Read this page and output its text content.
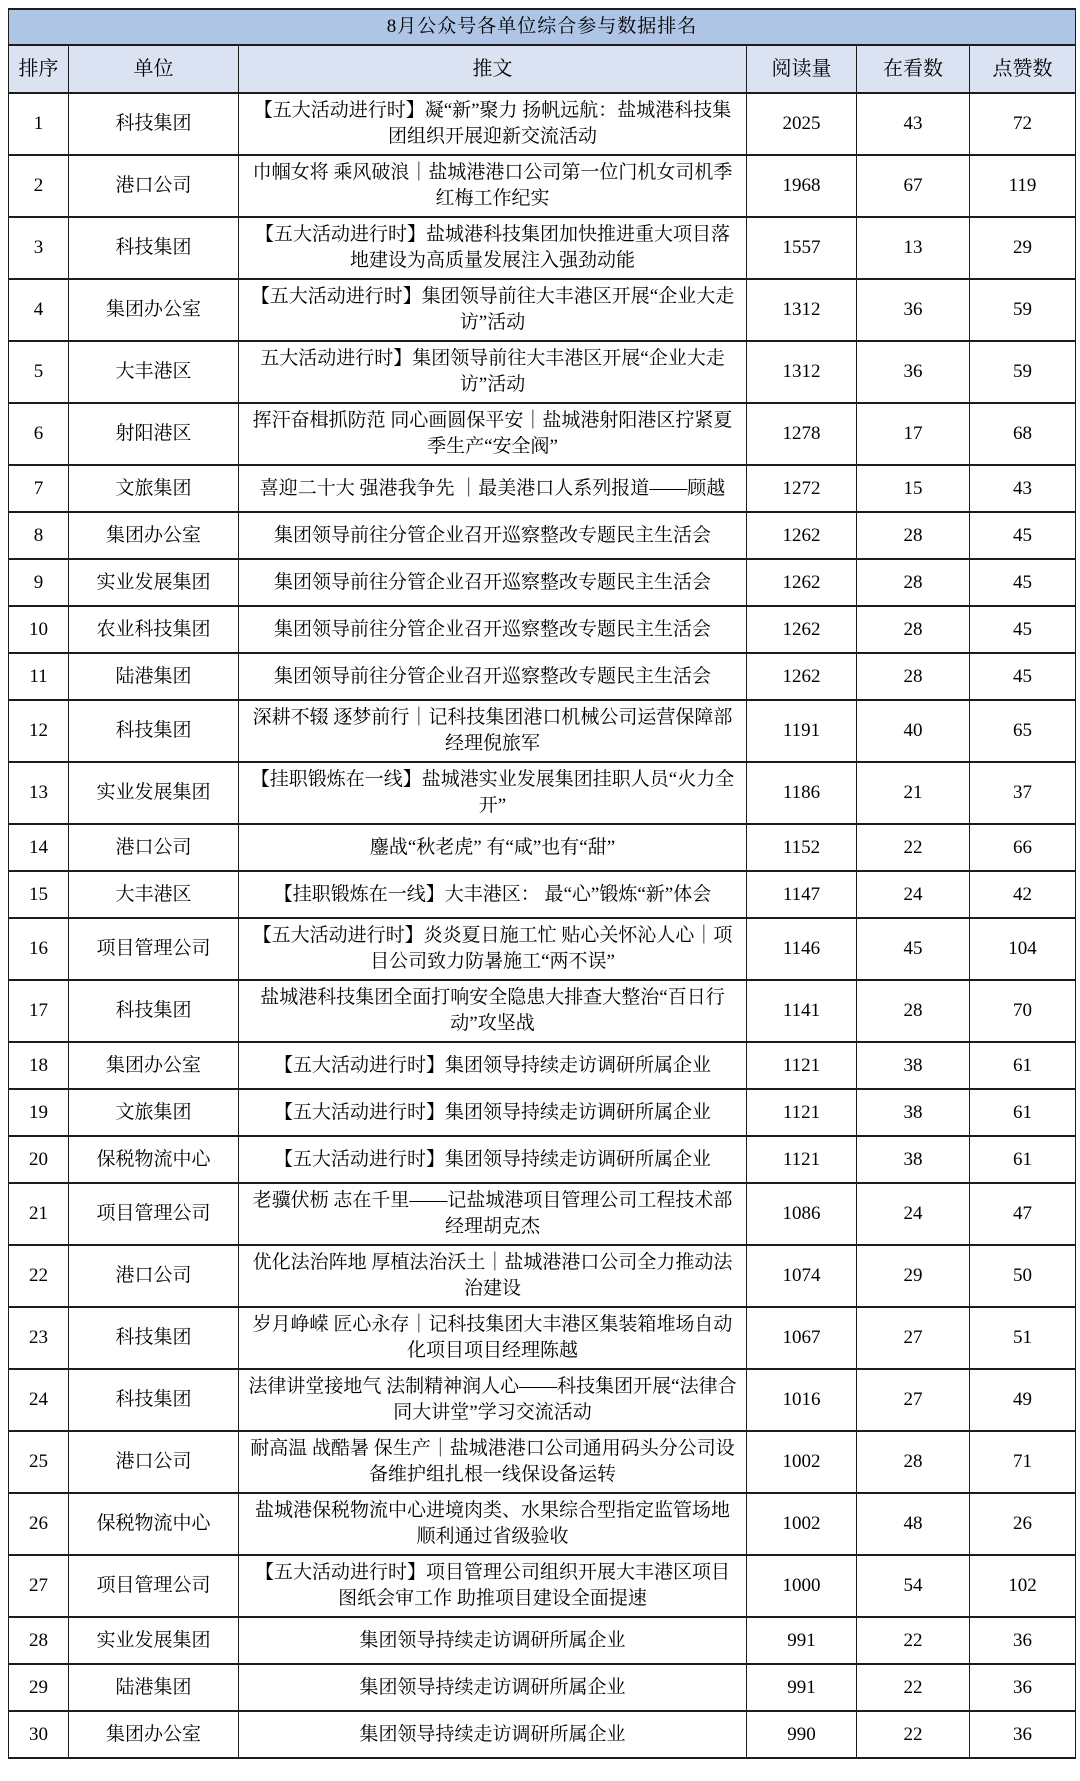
8月公众号各单位综合参与数据排名					
排序	单位	推文	阅读量	在看数	点赞数
1	科技集团	【五大活动进行时】凝“新”聚力 扬帆远航：盐城港科技集团组织开展迎新交流活动	2025	43	72
2	港口公司	巾帼女将 乘风破浪｜盐城港港口公司第一位门机女司机季红梅工作纪实	1968	67	119
3	科技集团	【五大活动进行时】盐城港科技集团加快推进重大项目落地建设为高质量发展注入强劲动能	1557	13	29
4	集团办公室	【五大活动进行时】集团领导前往大丰港区开展“企业大走访”活动	1312	36	59
5	大丰港区	五大活动进行时】集团领导前往大丰港区开展“企业大走访”活动	1312	36	59
6	射阳港区	挥汗奋楫抓防范 同心画圆保平安｜盐城港射阳港区拧紧夏季生产“安全阀”	1278	17	68
7	文旅集团	喜迎二十大 强港我争先 ｜最美港口人系列报道——顾越	1272	15	43
8	集团办公室	集团领导前往分管企业召开巡察整改专题民主生活会	1262	28	45
9	实业发展集团	集团领导前往分管企业召开巡察整改专题民主生活会	1262	28	45
10	农业科技集团	集团领导前往分管企业召开巡察整改专题民主生活会	1262	28	45
11	陆港集团	集团领导前往分管企业召开巡察整改专题民主生活会	1262	28	45
12	科技集团	深耕不辍 逐梦前行｜记科技集团港口机械公司运营保障部经理倪旅军	1191	40	65
13	实业发展集团	【挂职锻炼在一线】盐城港实业发展集团挂职人员“火力全开”	1186	21	37
14	港口公司	鏖战“秋老虎” 有“咸”也有“甜”	1152	22	66
15	大丰港区	【挂职锻炼在一线】大丰港区： 最“心”锻炼“新”体会	1147	24	42
16	项目管理公司	【五大活动进行时】炎炎夏日施工忙 贴心关怀沁人心｜项目公司致力防暑施工“两不误”	1146	45	104
17	科技集团	盐城港科技集团全面打响安全隐患大排查大整治“百日行动”攻坚战	1141	28	70
18	集团办公室	【五大活动进行时】集团领导持续走访调研所属企业	1121	38	61
19	文旅集团	【五大活动进行时】集团领导持续走访调研所属企业	1121	38	61
20	保税物流中心	【五大活动进行时】集团领导持续走访调研所属企业	1121	38	61
21	项目管理公司	老骥伏枥 志在千里——记盐城港项目管理公司工程技术部经理胡克杰	1086	24	47
22	港口公司	优化法治阵地 厚植法治沃土｜盐城港港口公司全力推动法治建设	1074	29	50
23	科技集团	岁月峥嵘 匠心永存｜记科技集团大丰港区集装箱堆场自动化项目项目经理陈越	1067	27	51
24	科技集团	法律讲堂接地气 法制精神润人心——科技集团开展“法律合同大讲堂”学习交流活动	1016	27	49
25	港口公司	耐高温 战酷暑 保生产｜盐城港港口公司通用码头分公司设备维护组扎根一线保设备运转	1002	28	71
26	保税物流中心	盐城港保税物流中心进境肉类、水果综合型指定监管场地顺利通过省级验收	1002	48	26
27	项目管理公司	【五大活动进行时】项目管理公司组织开展大丰港区项目图纸会审工作 助推项目建设全面提速	1000	54	102
28	实业发展集团	集团领导持续走访调研所属企业	991	22	36
29	陆港集团	集团领导持续走访调研所属企业	991	22	36
30	集团办公室	集团领导持续走访调研所属企业	990	22	36
